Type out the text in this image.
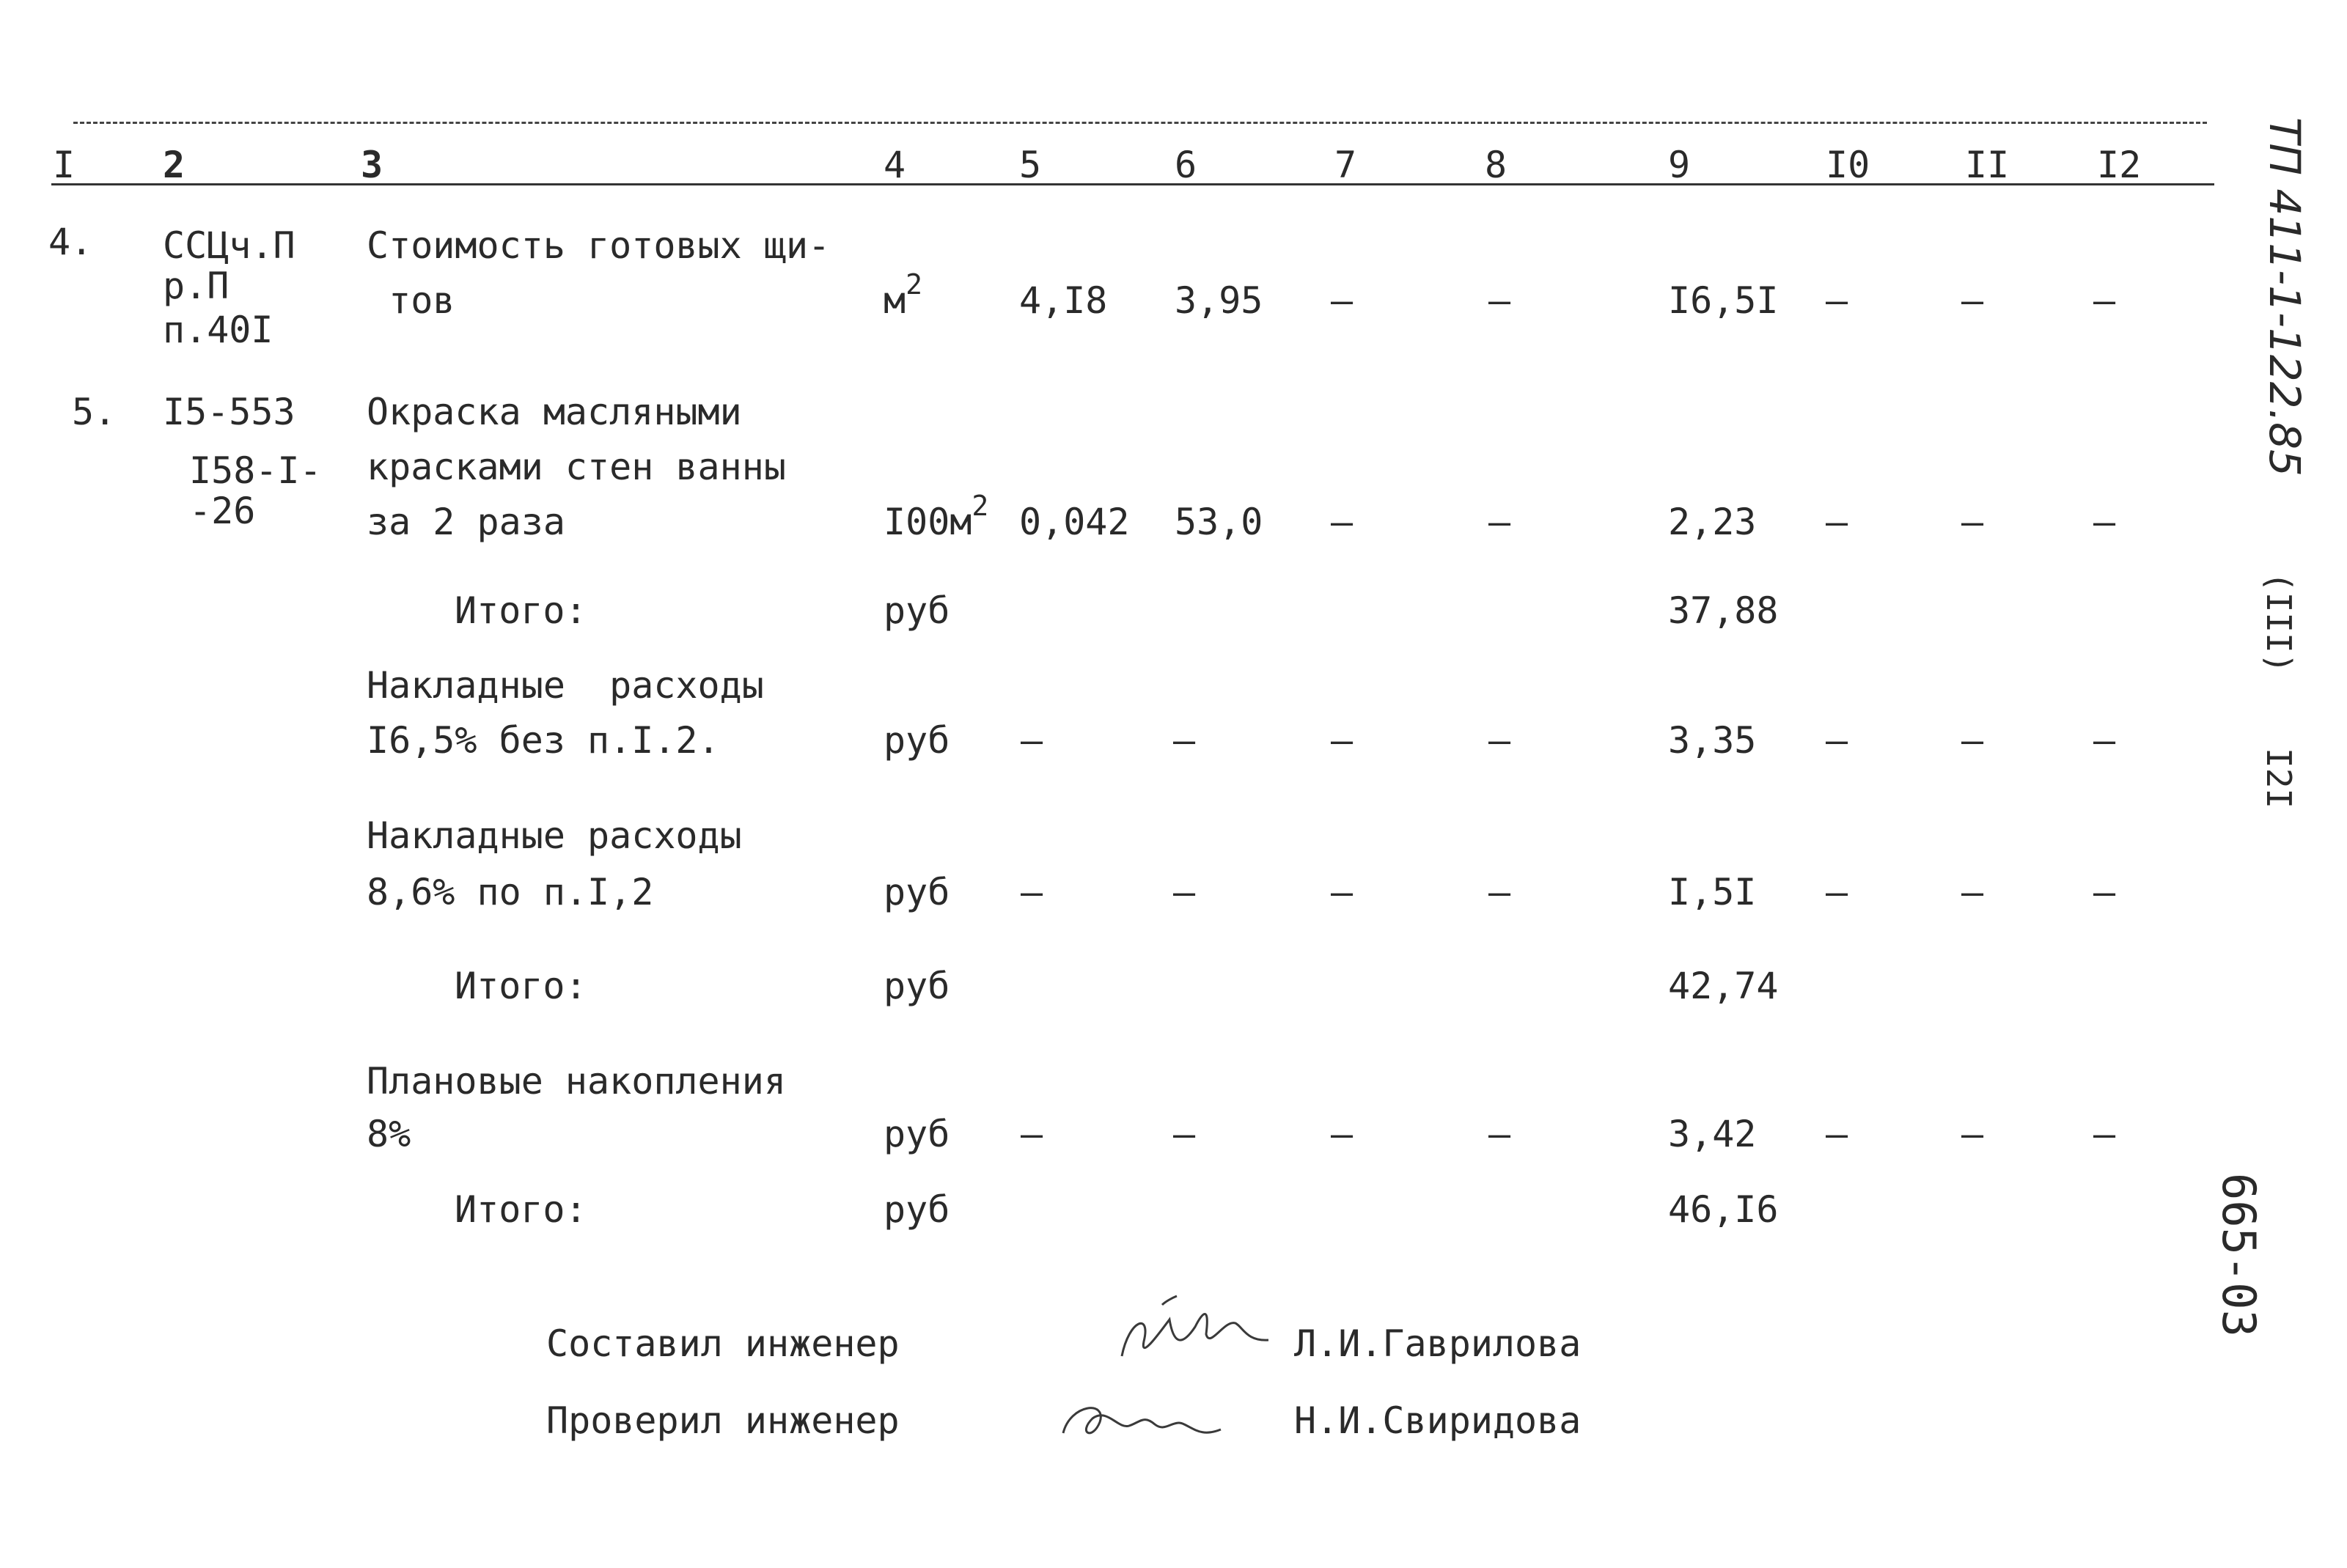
I 2	3	4	5	6	7	8	9	I0	II I2
4. ССЦч.П
р.П
п.40I
Стоимость готовых щи-
тов	$м^2$	4,I8 3,95 –	–	I6,5I –	–	–
5. I5-553
I58-I-
-26
Окраска масляными
красками стен ванны
за 2 раза	$I00м^2$ 0,042 53,0 –	–	2,23 –	–	–
Итого:	руб	37,88
Накладные  расходы
I6,5% без п.I.2.	руб –	–	–	–	3,35 –	–	–
Накладные расходы
8,6% по п.I,2	руб –	–	–	–	I,5I –	–	–
Итого:	руб	42,74
Плановые накопления
8%	руб –	–	–	–	3,42 –	–	–
Итого:	руб	46,I6
Составил инженер	Л.И.Гаврилова
Проверил инженер	Н.И.Свиридова
ТП 411-1-122.85
(III)
I2I
665-03
